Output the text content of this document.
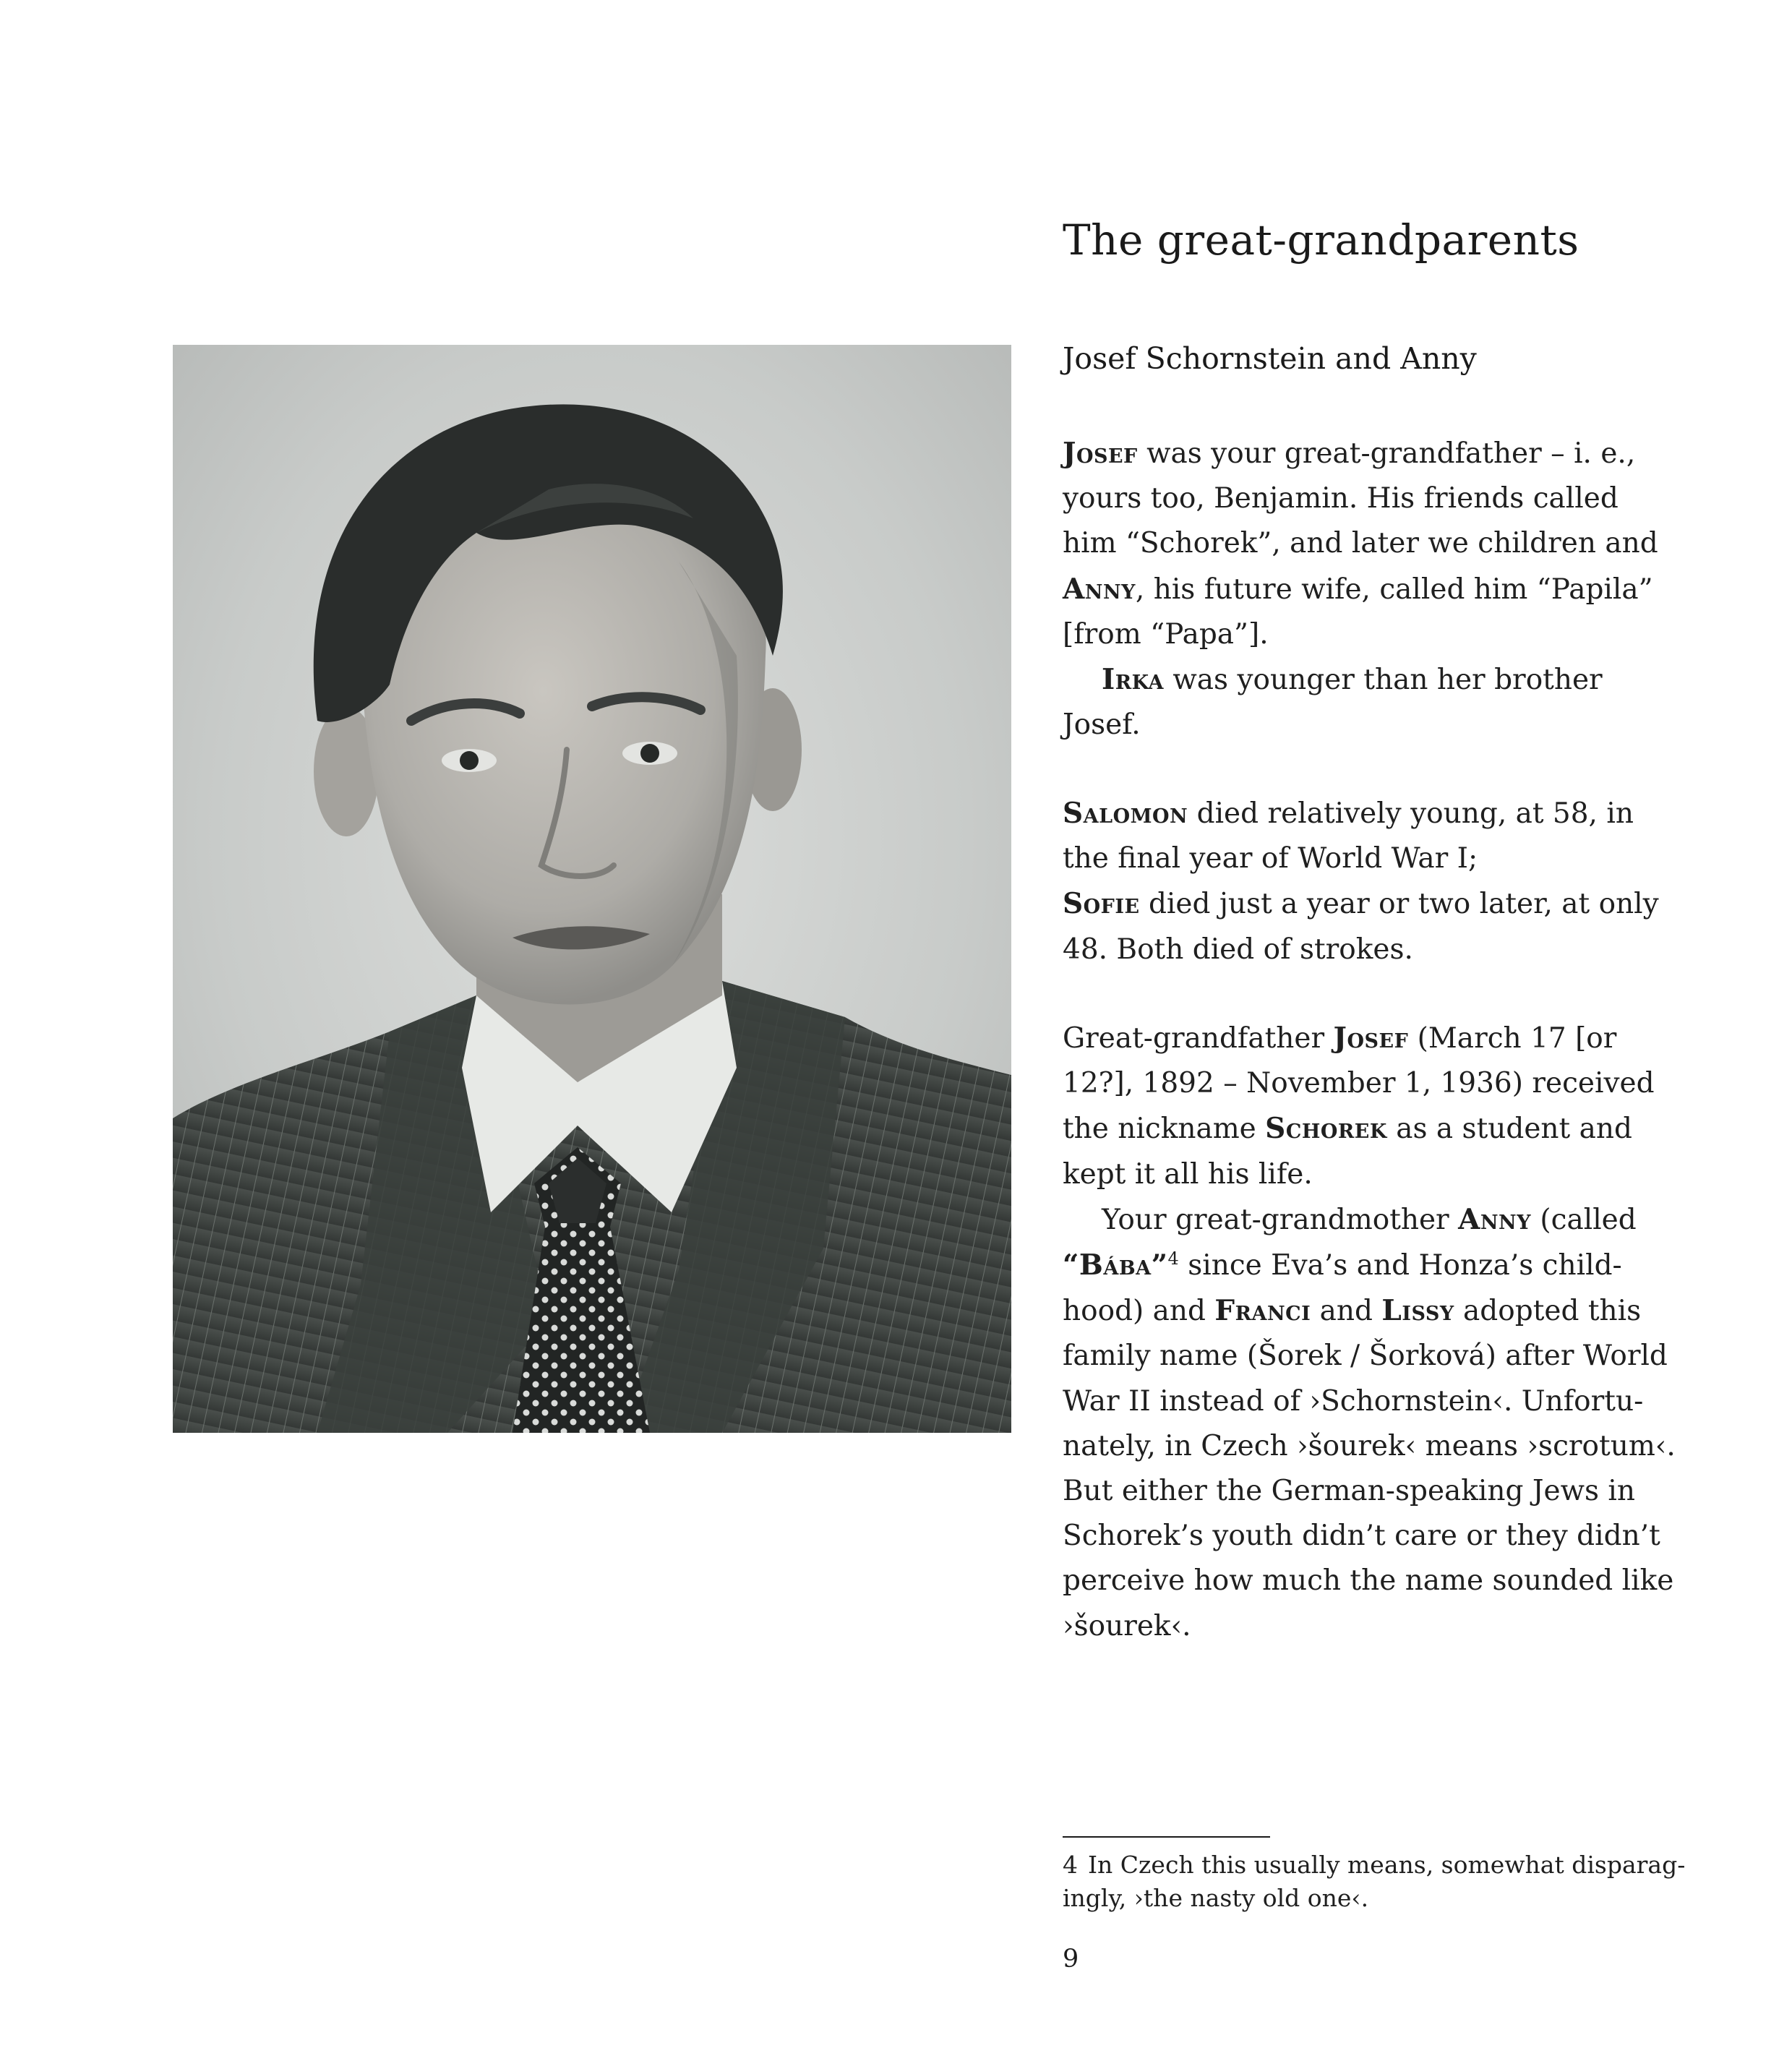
The great-grandparents
Josef Schornstein and Anny

Josef was your great-grandfather – i. e.,
yours too, Benjamin. His friends called
him “Schorek”, and later we children and
Anny, his future wife, called him “Papila”
[from “Papa”].
Irka was younger than her brother
Josef.

Salomon died relatively young, at 58, in
the final year of World War I;
Sofie died just a year or two later, at only
48. Both died of strokes.

Great-grandfather Josef (March 17 [or
12?], 1892 – November 1, 1936) received
the nickname Schorek as a student and
kept it all his life.
Your great-grandmother Anny (called
“Bába”$^4$ since Eva’s and Honza’s child-
hood) and Franci and Lissy adopted this
family name (Šorek / Šorková) after World
War II instead of ›Schornstein‹. Unfortu-
nately, in Czech ›šourek‹ means ›scrotum‹.
But either the German-speaking Jews in
Schorek’s youth didn’t care or they didn’t
perceive how much the name sounded like
›šourek‹.

4 In Czech this usually means, somewhat disparag-
ingly, ›the nasty old one‹.

9
